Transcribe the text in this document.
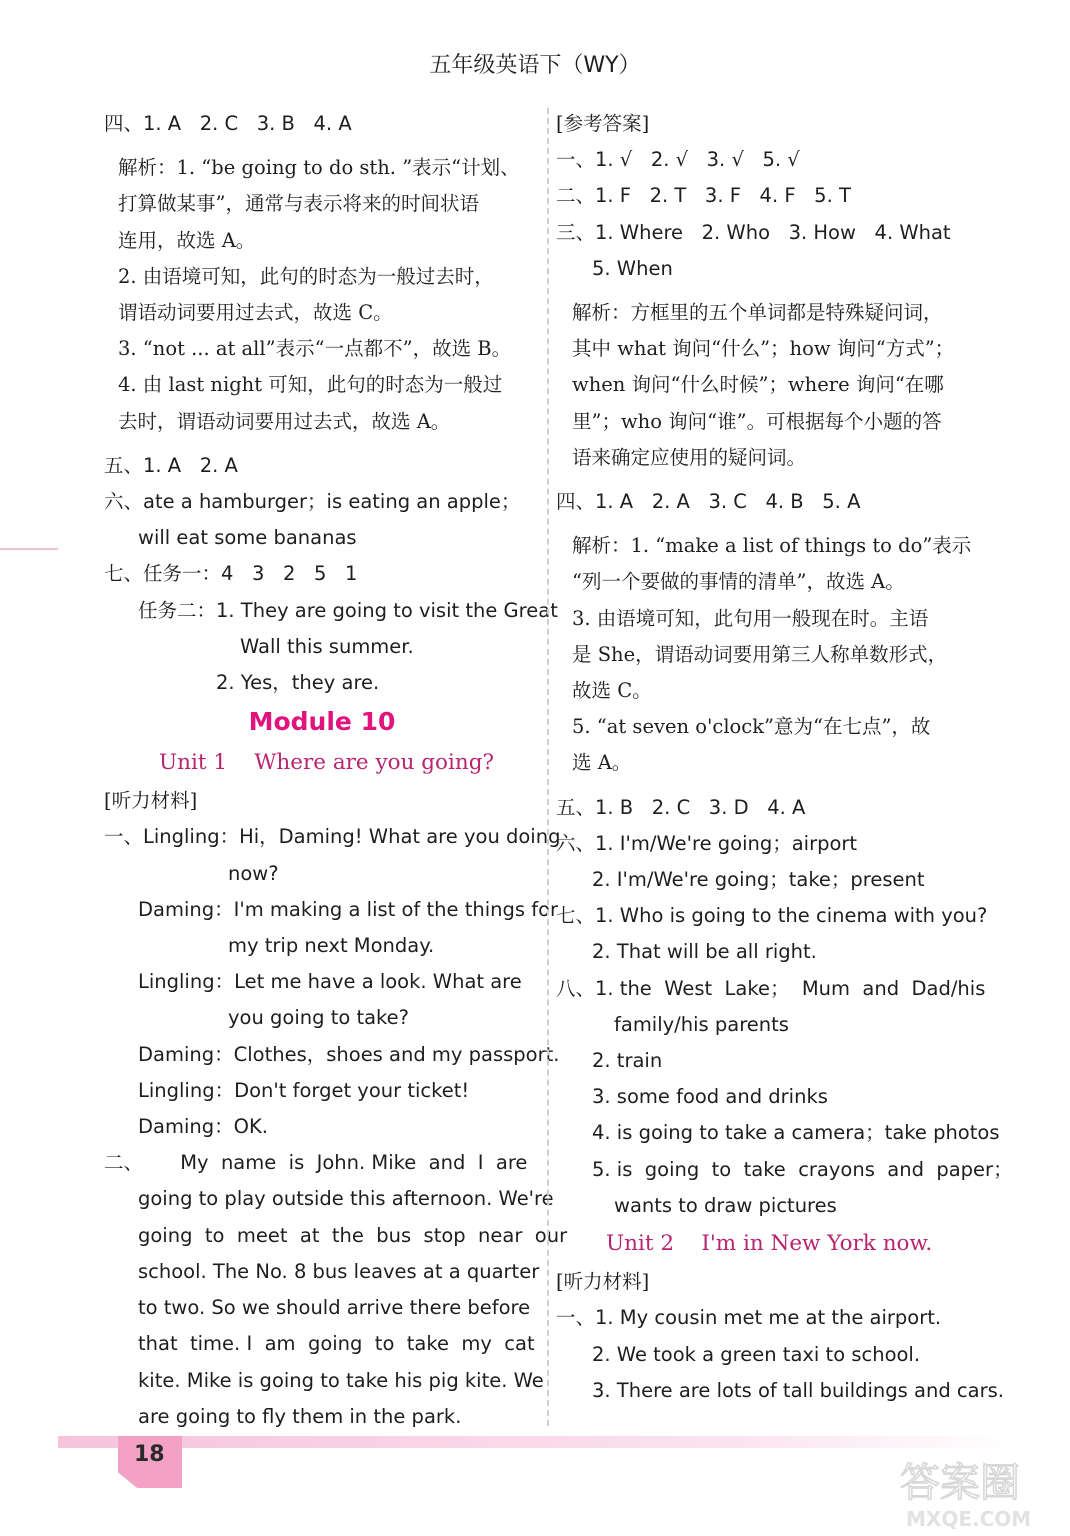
五年级英语下（WY）
四、1. A   2. C   3. B   4. A
解析：1. “be going to do sth. ”表示“计划、
打算做某事”，通常与表示将来的时间状语
连用，故选 A。
2. 由语境可知，此句的时态为一般过去时，
谓语动词要用过去式，故选 C。
3. “not ... at all”表示“一点都不”，故选 B。
4. 由 last night 可知，此句的时态为一般过
去时，谓语动词要用过去式，故选 A。
五、1. A   2. A
六、ate a hamburger；is eating an apple；
will eat some bananas
七、任务一：4   3   2   5   1
任务二：1. They are going to visit the Great
Wall this summer.
2. Yes，they are.
Module 10
Unit 1    Where are you going?
[听力材料]
一、Lingling：Hi，Daming! What are you doing
now?
Daming：I'm making a list of the things for
my trip next Monday.
Lingling：Let me have a look. What are
you going to take?
Daming：Clothes，shoes and my passport.
Lingling：Don't forget your ticket!
Daming：OK.
二、      My  name  is  John. Mike  and  I  are
going to play outside this afternoon. We're
going  to  meet  at  the  bus  stop  near  our
school. The No. 8 bus leaves at a quarter
to two. So we should arrive there before
that  time. I  am  going  to  take  my  cat
kite. Mike is going to take his pig kite. We
are going to fly them in the park.
[参考答案]
一、1. √   2. √   3. √   5. √
二、1. F   2. T   3. F   4. F   5. T
三、1. Where   2. Who   3. How   4. What
5. When
解析：方框里的五个单词都是特殊疑问词，
其中 what 询问“什么”；how 询问“方式”；
when 询问“什么时候”；where 询问“在哪
里”；who 询问“谁”。可根据每个小题的答
语来确定应使用的疑问词。
四、1. A   2. A   3. C   4. B   5. A
解析：1. “make a list of things to do”表示
“列一个要做的事情的清单”，故选 A。
3. 由语境可知，此句用一般现在时。主语
是 She，谓语动词要用第三人称单数形式，
故选 C。
5. “at seven o'clock”意为“在七点”，故
选 A。
五、1. B   2. C   3. D   4. A
六、1. I'm/We're going；airport
2. I'm/We're going；take；present
七、1. Who is going to the cinema with you?
2. That will be all right.
八、1. the  West  Lake；  Mum  and  Dad/his
family/his parents
2. train
3. some food and drinks
4. is going to take a camera；take photos
5. is  going  to  take  crayons  and  paper；
wants to draw pictures
Unit 2    I'm in New York now.
[听力材料]
一、1. My cousin met me at the airport.
2. We took a green taxi to school.
3. There are lots of tall buildings and cars.
18
答案圈
MXQE.COM
